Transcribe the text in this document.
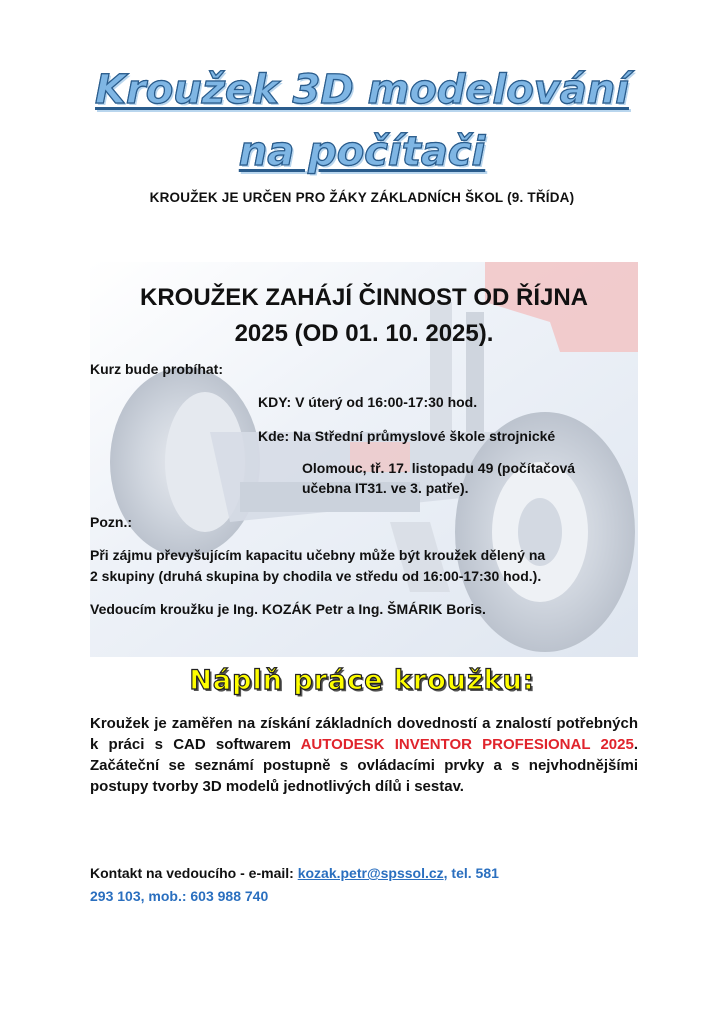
Kroužek 3D modelování
na počítači
KROUŽEK JE URČEN PRO ŽÁKY ZÁKLADNÍCH ŠKOL (9. TŘÍDA)
KROUŽEK ZAHÁJÍ ČINNOST OD ŘÍJNA
2025 (OD 01. 10. 2025).
Kurz bude probíhat:
KDY: V úterý od 16:00-17:30 hod.
Kde: Na Střední průmyslové škole strojnické
Olomouc, tř. 17. listopadu 49 (počítačová
učebna IT31. ve 3. patře).
Pozn.:
Při zájmu převyšujícím kapacitu učebny může být kroužek dělený na
2 skupiny (druhá skupina by chodila ve středu od 16:00-17:30 hod.).
Vedoucím kroužku je Ing. KOZÁK Petr a Ing. ŠMÁRIK Boris.
Náplň práce kroužku:
Kroužek je zaměřen na získání základních dovedností a znalostí potřebných k práci s CAD softwarem AUTODESK INVENTOR PROFESIONAL 2025. Začáteční se seznámí postupně s ovládacími prvky a s nejvhodnějšími postupy tvorby 3D modelů jednotlivých dílů i sestav.
Kontakt na vedoucího - e-mail: kozak.petr@spssol.cz, tel. 581
293 103, mob.: 603 988 740
